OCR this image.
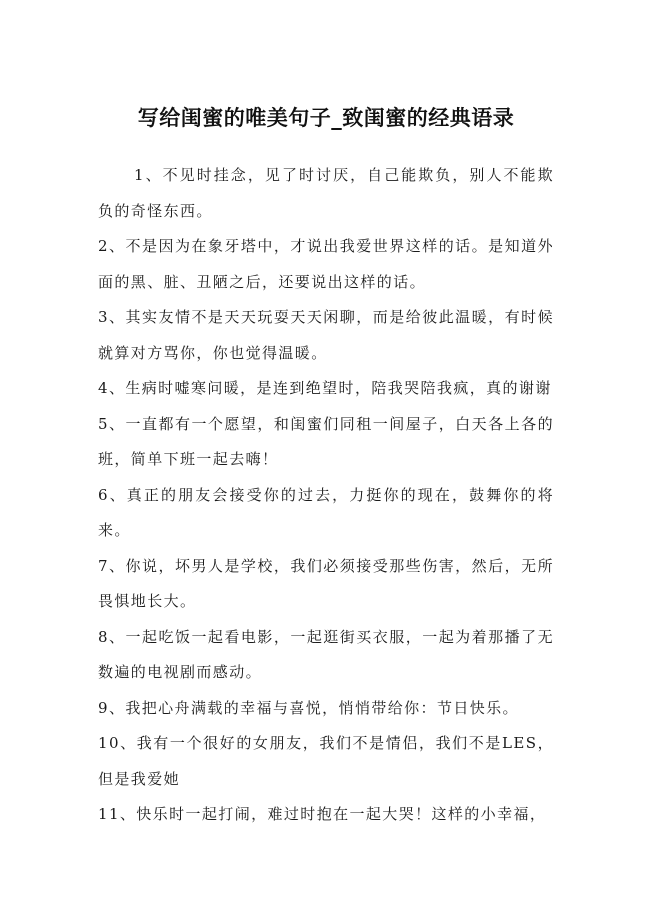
写给闺蜜的唯美句子_致闺蜜的经典语录

1、不见时挂念，见了时讨厌，自己能欺负，别人不能欺负的奇怪东西。

2、不是因为在象牙塔中，才说出我爱世界这样的话。是知道外面的黑、脏、丑陋之后，还要说出这样的话。

3、其实友情不是天天玩耍天天闲聊，而是给彼此温暖，有时候就算对方骂你，你也觉得温暖。

4、生病时嘘寒问暖，是连到绝望时，陪我哭陪我疯，真的谢谢

5、一直都有一个愿望，和闺蜜们同租一间屋子，白天各上各的班，简单下班一起去嗨！

6、真正的朋友会接受你的过去，力挺你的现在，鼓舞你的将来。

7、你说，坏男人是学校，我们必须接受那些伤害，然后，无所畏惧地长大。

8、一起吃饭一起看电影，一起逛街买衣服，一起为着那播了无数遍的电视剧而感动。

9、我把心舟满载的幸福与喜悦，悄悄带给你：节日快乐。

10、我有一个很好的女朋友，我们不是情侣，我们不是LES，但是我爱她

11、快乐时一起打闹，难过时抱在一起大哭！这样的小幸福，
